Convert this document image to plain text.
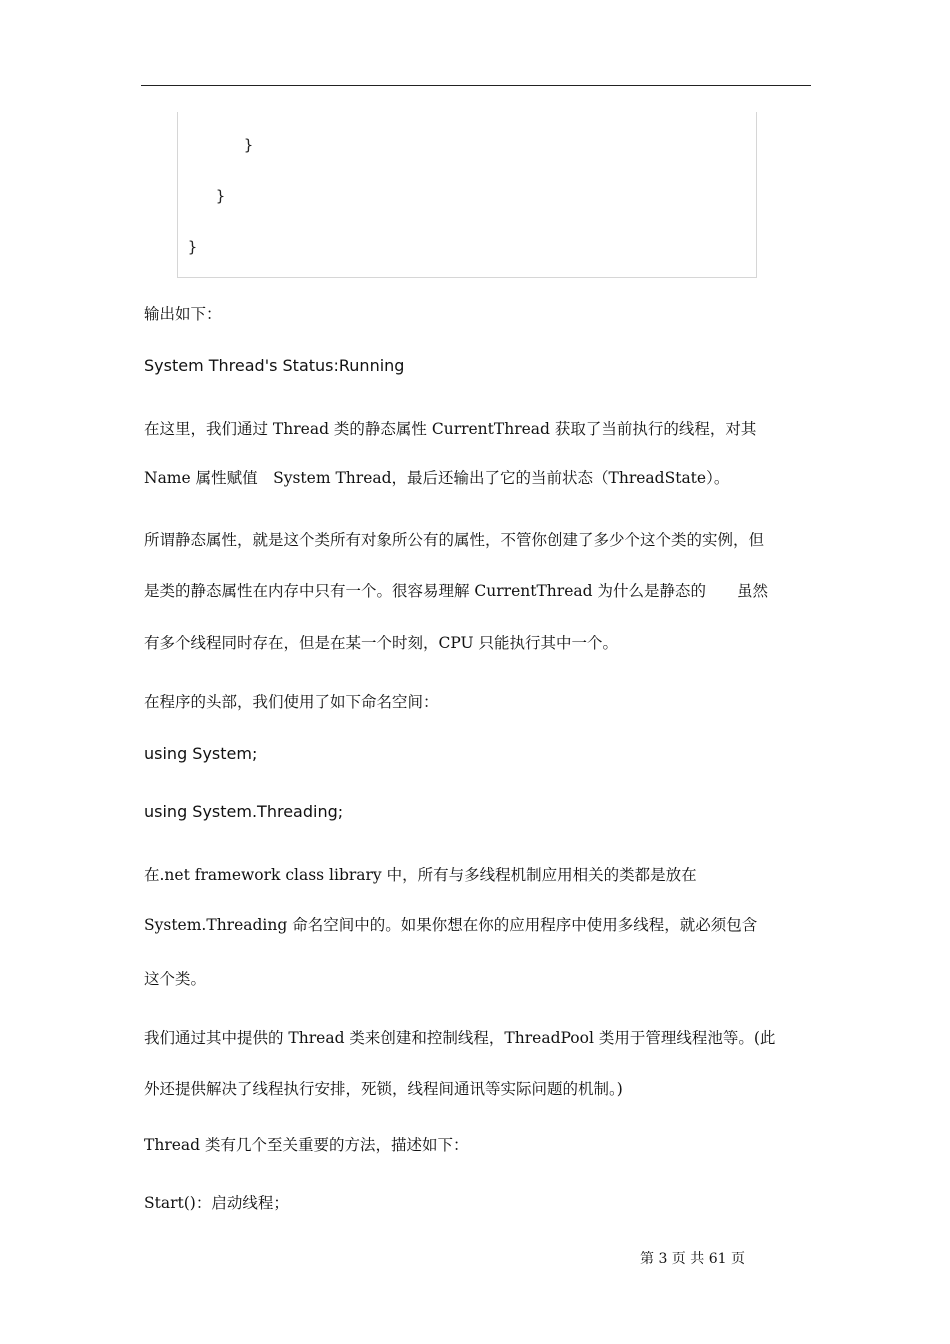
}
}
}
输出如下：
System Thread's Status:Running
在这里，我们通过 Thread 类的静态属性 CurrentThread 获取了当前执行的线程，对其
Name 属性赋值　System Thread，最后还输出了它的当前状态（ThreadState）。
所谓静态属性，就是这个类所有对象所公有的属性，不管你创建了多少个这个类的实例，但
是类的静态属性在内存中只有一个。很容易理解 CurrentThread 为什么是静态的　　虽然
有多个线程同时存在，但是在某一个时刻，CPU 只能执行其中一个。
在程序的头部，我们使用了如下命名空间：
using System;
using System.Threading;
在.net framework class library 中，所有与多线程机制应用相关的类都是放在
System.Threading 命名空间中的。如果你想在你的应用程序中使用多线程，就必须包含
这个类。
我们通过其中提供的 Thread 类来创建和控制线程，ThreadPool 类用于管理线程池等。(此
外还提供解决了线程执行安排，死锁，线程间通讯等实际问题的机制。)
Thread 类有几个至关重要的方法，描述如下：
Start()：启动线程；
第 3 页 共 61 页
